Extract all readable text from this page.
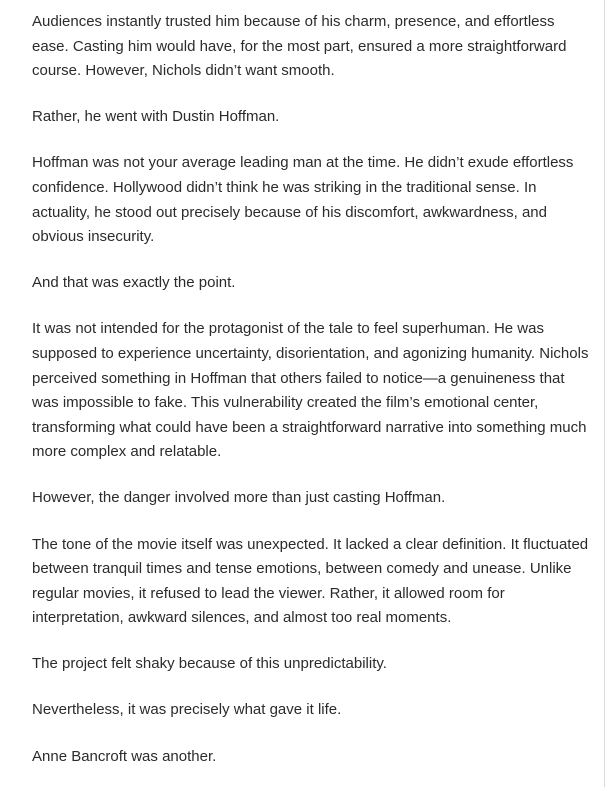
Audiences instantly trusted him because of his charm, presence, and effortless ease. Casting him would have, for the most part, ensured a more straightforward course. However, Nichols didn’t want smooth.

Rather, he went with Dustin Hoffman.

Hoffman was not your average leading man at the time. He didn’t exude effortless confidence. Hollywood didn’t think he was striking in the traditional sense. In actuality, he stood out precisely because of his discomfort, awkwardness, and obvious insecurity.

And that was exactly the point.

It was not intended for the protagonist of the tale to feel superhuman. He was supposed to experience uncertainty, disorientation, and agonizing humanity. Nichols perceived something in Hoffman that others failed to notice—a genuineness that was impossible to fake. This vulnerability created the film’s emotional center, transforming what could have been a straightforward narrative into something much more complex and relatable.

However, the danger involved more than just casting Hoffman.

The tone of the movie itself was unexpected. It lacked a clear definition. It fluctuated between tranquil times and tense emotions, between comedy and unease. Unlike regular movies, it refused to lead the viewer. Rather, it allowed room for interpretation, awkward silences, and almost too real moments.

The project felt shaky because of this unpredictability.

Nevertheless, it was precisely what gave it life.

Anne Bancroft was another.
